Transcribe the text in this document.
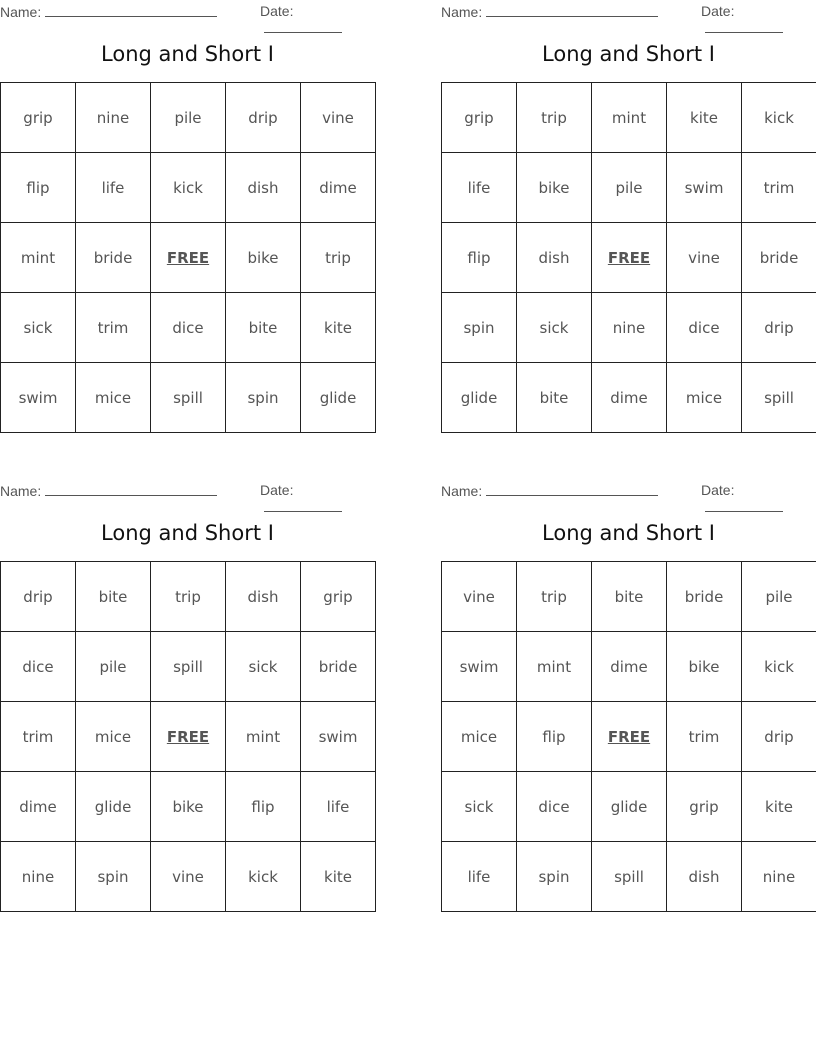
Name:	Date:
Long and Short I
grip	nine	pile	drip	vine
flip	life	kick	dish	dime
mint	bride	FREE	bike	trip
sick	trim	dice	bite	kite
swim	mice	spill	spin	glide
Name:	Date:
Long and Short I
grip	trip	mint	kite	kick
life	bike	pile	swim	trim
flip	dish	FREE	vine	bride
spin	sick	nine	dice	drip
glide	bite	dime	mice	spill
Name:	Date:
Long and Short I
drip	bite	trip	dish	grip
dice	pile	spill	sick	bride
trim	mice	FREE	mint	swim
dime	glide	bike	flip	life
nine	spin	vine	kick	kite
Name:	Date:
Long and Short I
vine	trip	bite	bride	pile
swim	mint	dime	bike	kick
mice	flip	FREE	trim	drip
sick	dice	glide	grip	kite
life	spin	spill	dish	nine
